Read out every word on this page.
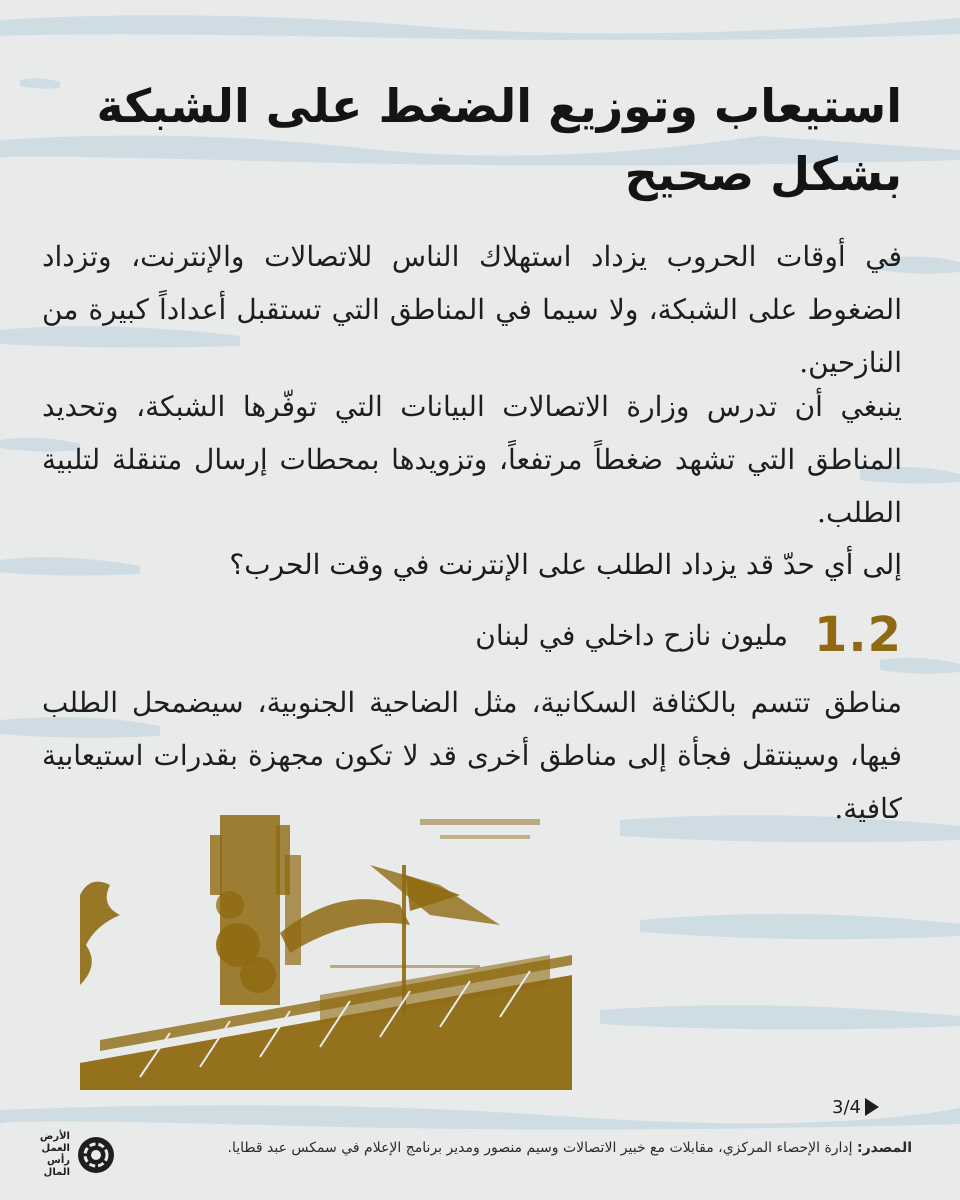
استيعاب وتوزيع الضغط على الشبكة
بشكل صحيح
في أوقات الحروب يزداد استهلاك الناس للاتصالات والإنترنت، وتزداد الضغوط على الشبكة، ولا سيما في المناطق التي تستقبل أعداداً كبيرة من النازحين.
ينبغي أن تدرس وزارة الاتصالات البيانات التي توفّرها الشبكة، وتحديد المناطق التي تشهد ضغطاً مرتفعاً، وتزويدها بمحطات إرسال متنقلة لتلبية الطلب.
إلى أي حدّ قد يزداد الطلب على الإنترنت في وقت الحرب؟
1.2
مليون نازح داخلي في لبنان
مناطق تتسم بالكثافة السكانية، مثل الضاحية الجنوبية، سيضمحل الطلب فيها، وسينتقل فجأة إلى مناطق أخرى قد لا تكون مجهزة بقدرات استيعابية كافية.
3/4
المصدر: إدارة الإحصاء المركزي، مقابلات مع خبير الاتصالات وسيم منصور ومدير برنامج الإعلام في سمكس عبد قطايا.
الأرض
العمل
رأس المال
